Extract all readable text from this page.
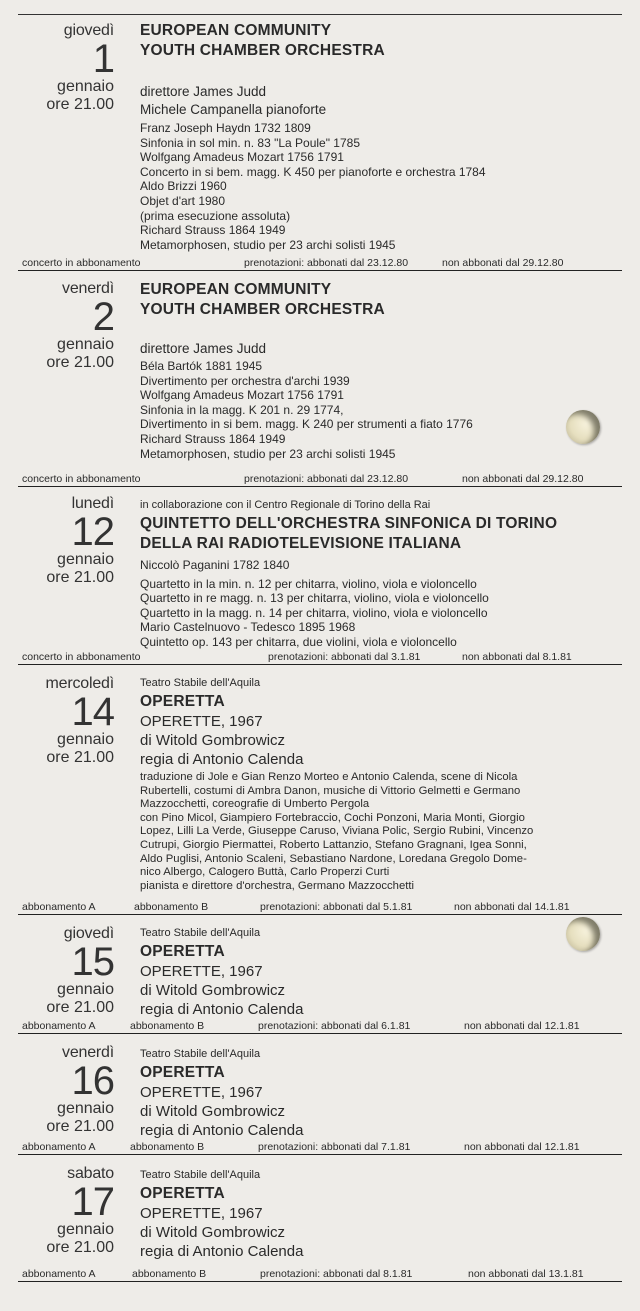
giovedì
1
gennaio
ore 21.00
EUROPEAN COMMUNITY
YOUTH CHAMBER ORCHESTRA
direttore James Judd
Michele Campanella pianoforte
Franz Joseph Haydn 1732 1809
Sinfonia in sol min. n. 83 "La Poule" 1785
Wolfgang Amadeus Mozart 1756 1791
Concerto in si bem. magg. K 450 per pianoforte e orchestra 1784
Aldo Brizzi 1960
Objet d'art 1980
(prima esecuzione assoluta)
Richard Strauss 1864 1949
Metamorphosen, studio per 23 archi solisti 1945
concerto in abbonamento	prenotazioni: abbonati dal 23.12.80	non abbonati dal 29.12.80
venerdì
2
gennaio
ore 21.00
EUROPEAN COMMUNITY
YOUTH CHAMBER ORCHESTRA
direttore James Judd
Béla Bartók 1881 1945
Divertimento per orchestra d'archi 1939
Wolfgang Amadeus Mozart 1756 1791
Sinfonia in la magg. K 201 n. 29 1774,
Divertimento in si bem. magg. K 240 per strumenti a fiato 1776
Richard Strauss 1864 1949
Metamorphosen, studio per 23 archi solisti 1945
concerto in abbonamento	prenotazioni: abbonati dal 23.12.80	non abbonati dal 29.12.80
lunedì
12
gennaio
ore 21.00
in collaborazione con il Centro Regionale di Torino della Rai
QUINTETTO DELL'ORCHESTRA SINFONICA DI TORINO
DELLA RAI RADIOTELEVISIONE ITALIANA
Niccolò Paganini 1782 1840
Quartetto in la min. n. 12 per chitarra, violino, viola e violoncello
Quartetto in re magg. n. 13 per chitarra, violino, viola e violoncello
Quartetto in la magg. n. 14 per chitarra, violino, viola e violoncello
Mario Castelnuovo - Tedesco 1895 1968
Quintetto op. 143 per chitarra, due violini, viola e violoncello
concerto in abbonamento	prenotazioni: abbonati dal 3.1.81	non abbonati dal 8.1.81
mercoledì
14
gennaio
ore 21.00
Teatro Stabile dell'Aquila
OPERETTA
OPERETTE, 1967
di Witold Gombrowicz
regia di Antonio Calenda
traduzione di Jole e Gian Renzo Morteo e Antonio Calenda, scene di Nicola
Rubertelli, costumi di Ambra Danon, musiche di Vittorio Gelmetti e Germano
Mazzocchetti, coreografie di Umberto Pergola
con Pino Micol, Giampiero Fortebraccio, Cochi Ponzoni, Maria Monti, Giorgio
Lopez, Lilli La Verde, Giuseppe Caruso, Viviana Polic, Sergio Rubini, Vincenzo
Cutrupi, Giorgio Piermattei, Roberto Lattanzio, Stefano Gragnani, Igea Sonni,
Aldo Puglisi, Antonio Scaleni, Sebastiano Nardone, Loredana Gregolo Dome-
nico Albergo, Calogero Buttà, Carlo Properzi Curti
pianista e direttore d'orchestra, Germano Mazzocchetti
abbonamento A	abbonamento B	prenotazioni: abbonati dal 5.1.81	non abbonati dal 14.1.81
giovedì
15
gennaio
ore 21.00
Teatro Stabile dell'Aquila
OPERETTA
OPERETTE, 1967
di Witold Gombrowicz
regia di Antonio Calenda
abbonamento A	abbonamento B	prenotazioni: abbonati dal 6.1.81	non abbonati dal 12.1.81
venerdì
16
gennaio
ore 21.00
Teatro Stabile dell'Aquila
OPERETTA
OPERETTE, 1967
di Witold Gombrowicz
regia di Antonio Calenda
abbonamento A	abbonamento B	prenotazioni: abbonati dal 7.1.81	non abbonati dal 12.1.81
sabato
17
gennaio
ore 21.00
Teatro Stabile dell'Aquila
OPERETTA
OPERETTE, 1967
di Witold Gombrowicz
regia di Antonio Calenda
abbonamento A	abbonamento B	prenotazioni: abbonati dal 8.1.81	non abbonati dal 13.1.81
